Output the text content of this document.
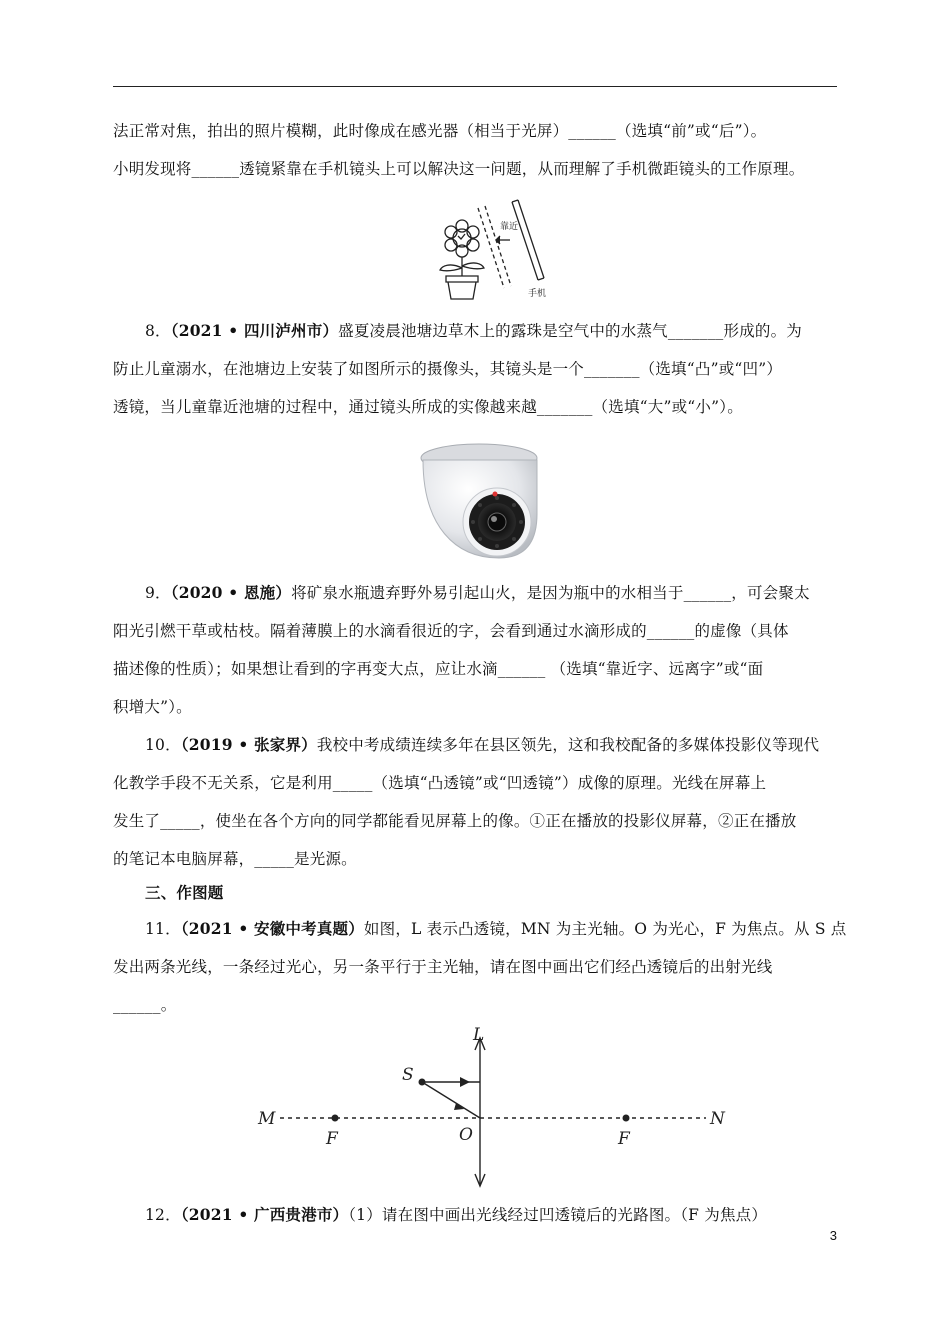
法正常对焦，拍出的照片模糊，此时像成在感光器（相当于光屏）______（选填“前”或“后”）。
小明发现将______透镜紧靠在手机镜头上可以解决这一问题，从而理解了手机微距镜头的工作原理。
靠近
手机
8．（2021 • 四川泸州市）盛夏凌晨池塘边草木上的露珠是空气中的水蒸气_______形成的。为
防止儿童溺水，在池塘边上安装了如图所示的摄像头，其镜头是一个_______（选填“凸”或“凹”）
透镜，当儿童靠近池塘的过程中，通过镜头所成的实像越来越_______（选填“大”或“小”）。
9．（2020 • 恩施）将矿泉水瓶遗弃野外易引起山火，是因为瓶中的水相当于______，可会聚太
阳光引燃干草或枯枝。隔着薄膜上的水滴看很近的字，会看到通过水滴形成的______的虚像（具体
描述像的性质）；如果想让看到的字再变大点，应让水滴______ （选填“靠近字、远离字”或“面
积增大”）。
10．（2019 • 张家界）我校中考成绩连续多年在县区领先，这和我校配备的多媒体投影仪等现代
化教学手段不无关系，它是利用_____（选填“凸透镜”或“凹透镜”）成像的原理。光线在屏幕上
发生了_____，使坐在各个方向的同学都能看见屏幕上的像。①正在播放的投影仪屏幕，②正在播放
的笔记本电脑屏幕，_____是光源。
三、作图题
11．（2021 • 安徽中考真题）如图，L 表示凸透镜，MN 为主光轴。O 为光心，F 为焦点。从 S 点
发出两条光线，一条经过光心，另一条平行于主光轴，请在图中画出它们经凸透镜后的出射光线
______。
L
S
M	N
O
F	F
12．（2021 • 广西贵港市）（1）请在图中画出光线经过凹透镜后的光路图。（F 为焦点）
3
